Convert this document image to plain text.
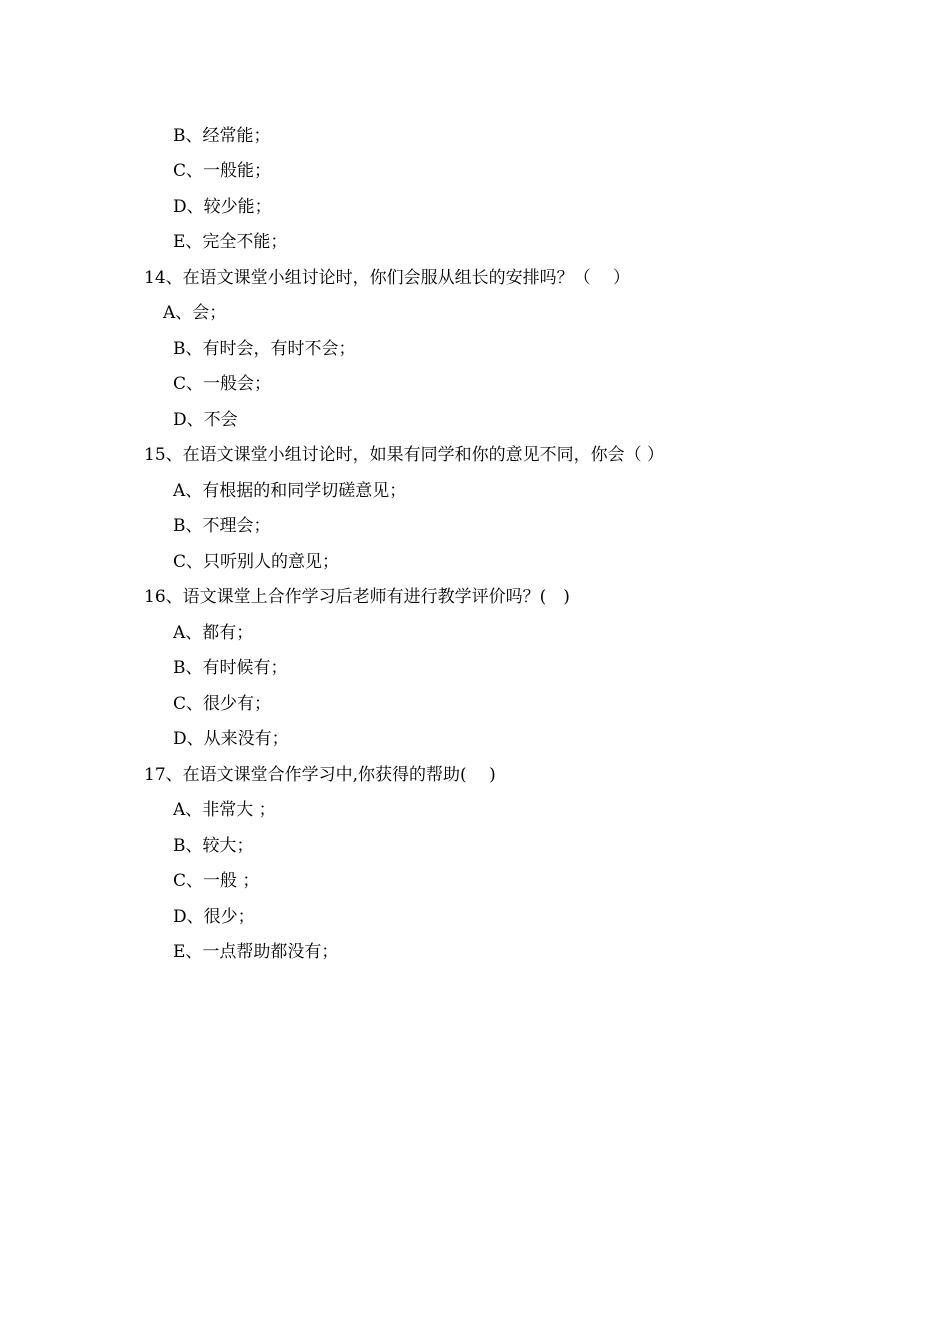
B、经常能；
C、一般能；
D、较少能；
E、完全不能；
14、在语文课堂小组讨论时，你们会服从组长的安排吗？（　 ）
A、会；
B、有时会，有时不会；
C、一般会；
D、不会
15、在语文课堂小组讨论时，如果有同学和你的意见不同，你会（ ）
A、有根据的和同学切磋意见；
B、不理会；
C、只听别人的意见；
16、语文课堂上合作学习后老师有进行教学评价吗？(　)
A、都有；
B、有时候有；
C、很少有；
D、从来没有；
17、在语文课堂合作学习中,你获得的帮助(　 )
A、非常大 ；
B、较大；
C、一般 ；
D、很少；
E、一点帮助都没有；
